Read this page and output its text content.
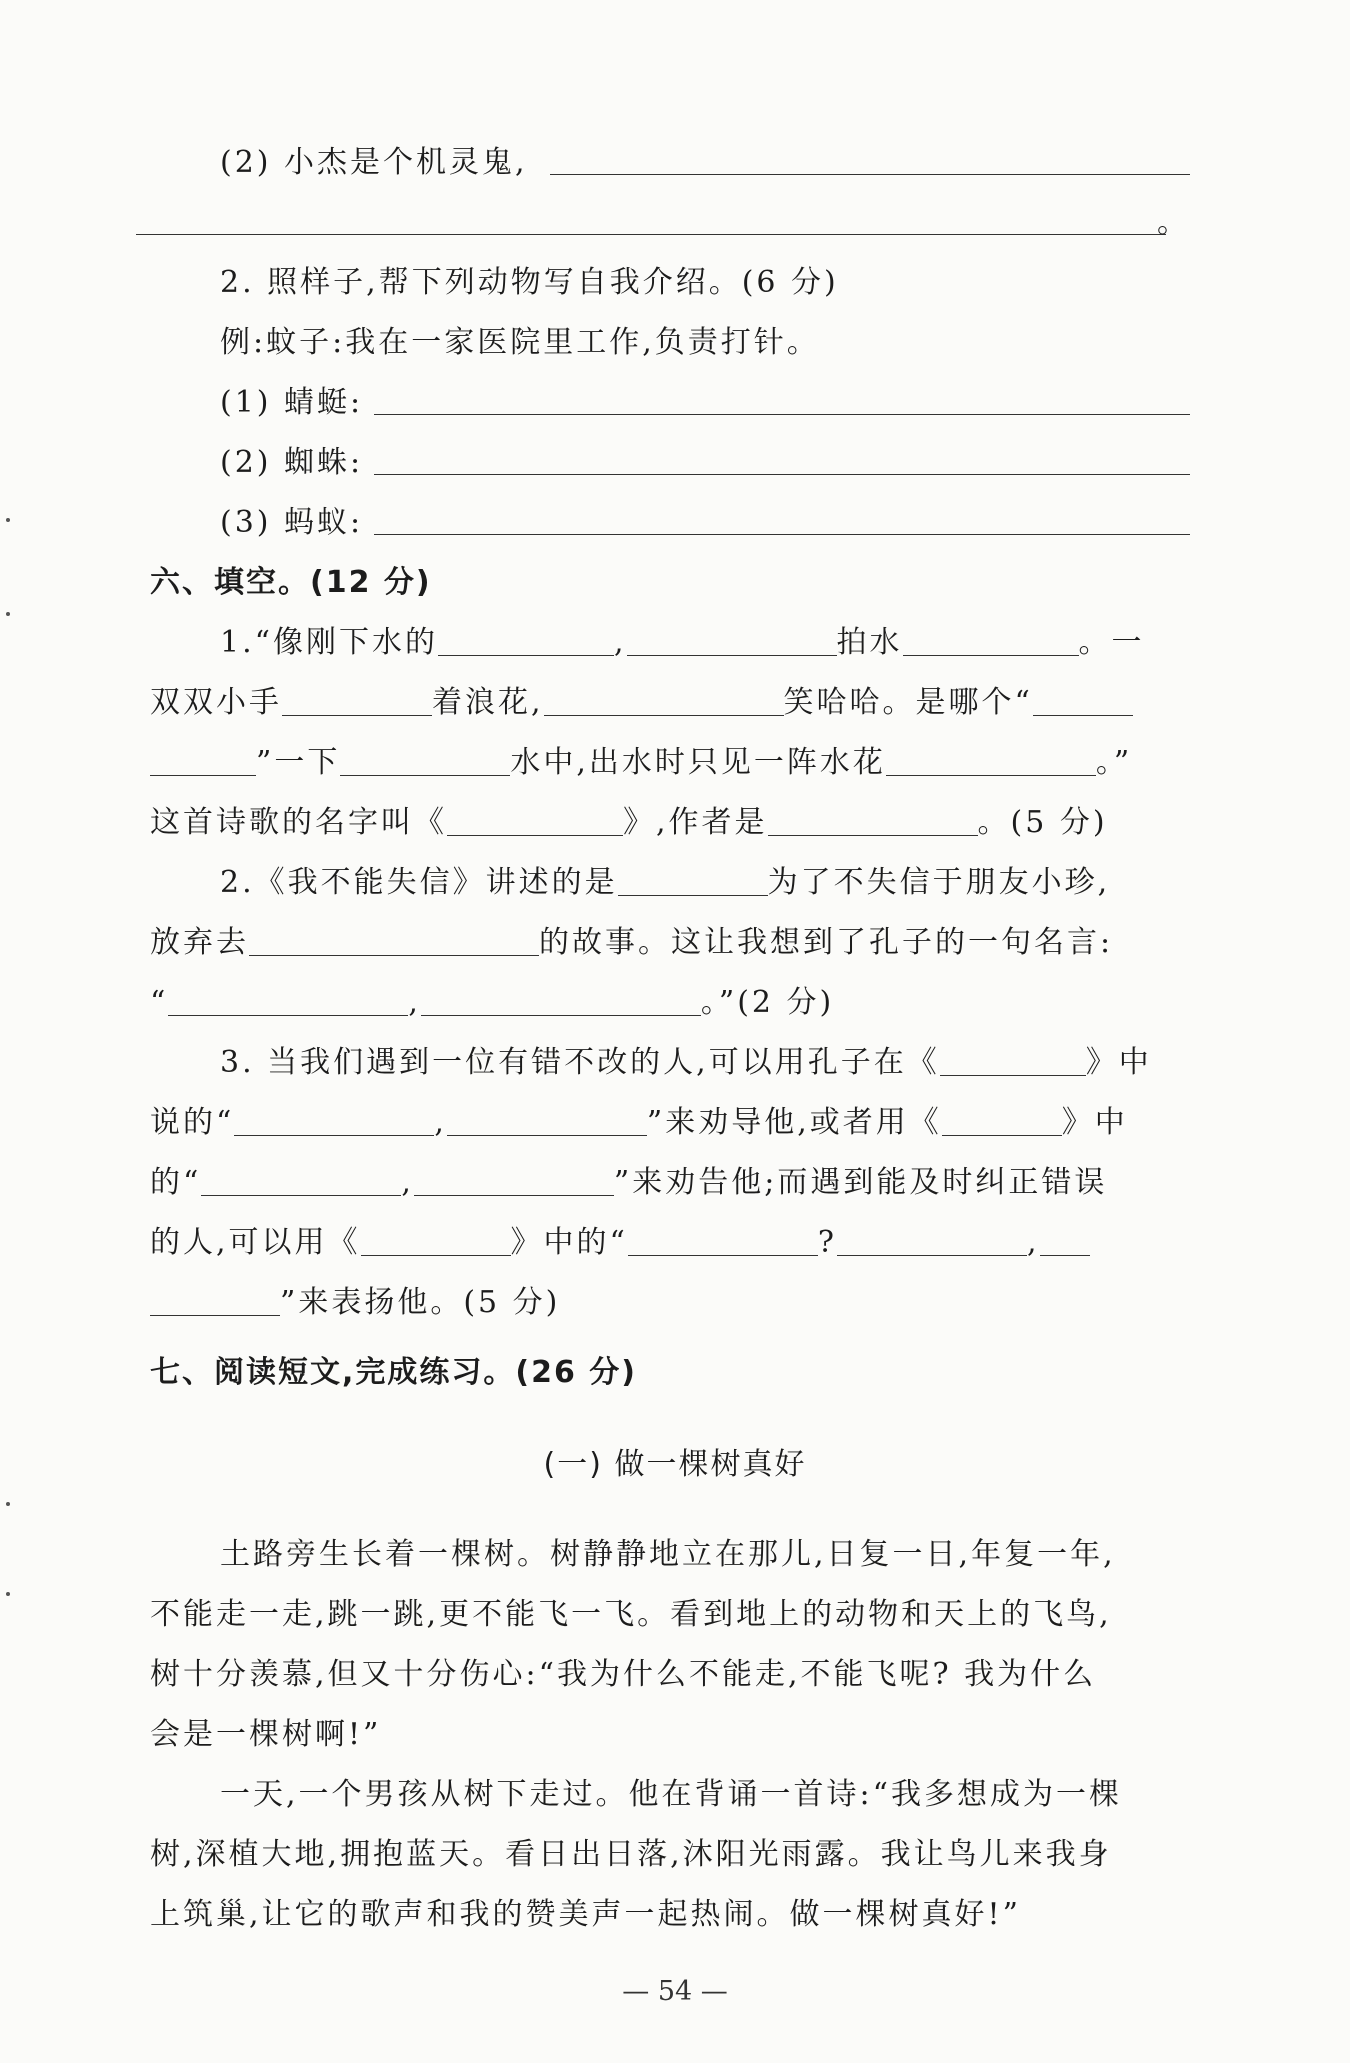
(2) 小杰是个机灵鬼,
。
2. 照样子,帮下列动物写自我介绍。(6 分)
例:蚊子:我在一家医院里工作,负责打针。
(1) 蜻蜓:
(2) 蜘蛛:
(3) 蚂蚁:
六、填空。(12 分)
1.“像刚下水的	,	拍水	。一
双双小手	着浪花,	笑哈哈。是哪个“
”一下	水中,出水时只见一阵水花	。”
这首诗歌的名字叫《	》,作者是	。(5 分)
2.《我不能失信》讲述的是	为了不失信于朋友小珍,
放弃去	的故事。这让我想到了孔子的一句名言:
“	,	。”(2 分)
3. 当我们遇到一位有错不改的人,可以用孔子在《	》中
说的“	,	”来劝导他,或者用《	》中
的“	,	”来劝告他;而遇到能及时纠正错误
的人,可以用《	》中的“	?	,
”来表扬他。(5 分)
七、阅读短文,完成练习。(26 分)
(一) 做一棵树真好
土路旁生长着一棵树。树静静地立在那儿,日复一日,年复一年,
不能走一走,跳一跳,更不能飞一飞。看到地上的动物和天上的飞鸟,
树十分羡慕,但又十分伤心:“我为什么不能走,不能飞呢? 我为什么
会是一棵树啊!”
一天,一个男孩从树下走过。他在背诵一首诗:“我多想成为一棵
树,深植大地,拥抱蓝天。看日出日落,沐阳光雨露。我让鸟儿来我身
上筑巢,让它的歌声和我的赞美声一起热闹。做一棵树真好!”
— 54 —
